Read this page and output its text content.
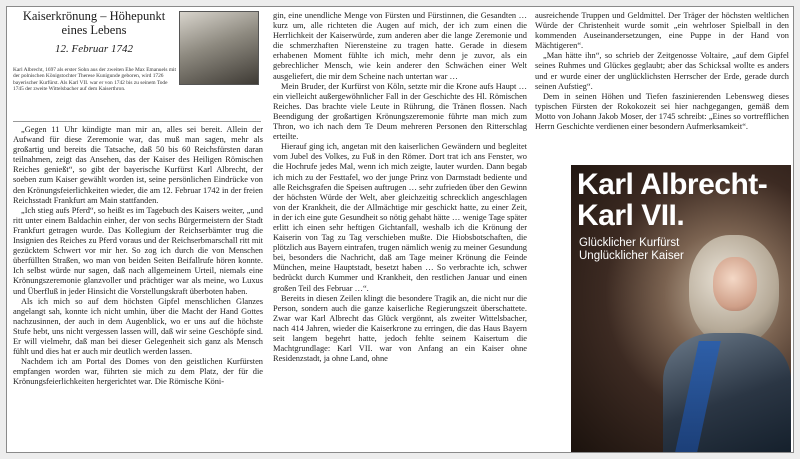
Kaiserkrönung – Höhepunkt
eines Lebens
12. Februar 1742
Karl Albrecht, 1697 als erster Sohn aus der zweiten Ehe Max Emanuels mit der polnischen Königstochter Therese Kunigunde geboren, wird 1726 bayerischer Kurfürst. Als Karl VII. war er von 1742 bis zu seinem Tode 1745 der zweite Wittelsbacher auf dem Kaiserthron.

„Gegen 11 Uhr kündigte man mir an, alles sei bereit. Allein der Aufwand für diese Zeremonie war, das muß man sagen, mehr als großartig und bereits die Tatsache, daß 50 bis 60 Reichsfürsten daran teilnahmen, zeigt das Ansehen, das der Kaiser des Heiligen Römischen Reiches genießt“, so gibt der bayerische Kurfürst Karl Albrecht, der soeben zum Kaiser gewählt worden ist, seine persönlichen Eindrücke von den Krönungsfeierlichkeiten wieder, die am 12. Februar 1742 in der freien Reichsstadt Frankfurt am Main stattfanden.

„Ich stieg aufs Pferd“, so heißt es im Tagebuch des Kaisers weiter, „und ritt unter einem Baldachin einher, der von sechs Bürgermeistern der Stadt Frankfurt getragen wurde. Das Kollegium der Reichserbämter trug die Insignien des Reiches zu Pferd voraus und der Reichserbmarschall ritt mit gezücktem Schwert vor mir her. So zog ich durch die von Menschen überfüllten Straßen, wo man von beiden Seiten Beifallrufe hören konnte. Ich selbst würde nur sagen, daß nach allgemeinem Urteil, niemals eine Krönungszeremonie glanzvoller und prächtiger war als meine, wo Luxus und Überfluß in jeder Hinsicht die Vorstellungskraft überboten haben.

Als ich mich so auf dem höchsten Gipfel menschlichen Glanzes angelangt sah, konnte ich nicht umhin, über die Macht der Hand Gottes nachzusinnen, der auch in dem Augenblick, wo er uns auf die höchste Stufe hebt, uns nicht vergessen lassen will, daß wir seine Geschöpfe sind. Er will vielmehr, daß man bei dieser Gelegenheit sich ganz als Mensch fühlt und dies hat er auch mir deutlich werden lassen.

Nachdem ich am Portal des Domes von den geistlichen Kurfürsten empfangen worden war, führten sie mich zu dem Platz, der für die Krönungsfeierlichkeiten hergerichtet war. Die Römische Köni-

gin, eine unendliche Menge von Fürsten und Fürstinnen, die Gesandten … kurz um, alle richteten die Augen auf mich, der ich zum einen die Herrlichkeit der Kaiserwürde, zum anderen aber die lange Zeremonie und die schmerzhaften Nierensteine zu tragen hatte. Gerade in diesem erhabenen Moment fühlte ich mich, mehr denn je zuvor, als ein gebrechlicher Mensch, wie kein anderer den Schwächen einer Welt ausgeliefert, die mir dem Scheine nach untertan war …

Mein Bruder, der Kurfürst von Köln, setzte mir die Krone aufs Haupt … ein vielleicht außergewöhnlicher Fall in der Geschichte des Hl. Römischen Reiches. Das brachte viele Leute in Rührung, die Tränen flossen. Nach Beendigung der großartigen Krönungszeremonie führte man mich zum Thron, wo ich nach dem Te Deum mehreren Personen den Ritterschlag erteilte.

Hierauf ging ich, angetan mit den kaiserlichen Gewändern und begleitet vom Jubel des Volkes, zu Fuß in den Römer. Dort trat ich ans Fenster, wo die Hochrufe jedes Mal, wenn ich mich zeigte, lauter wurden. Dann begab ich mich zu der Festtafel, wo der junge Prinz von Darmstadt bediente und alle Reichsgrafen die Speisen auftrugen … sehr zufrieden über den Gewinn der höchsten Würde der Welt, aber gleichzeitig schrecklich angeschlagen von der Krankheit, die der Allmächtige mir geschickt hatte, zu einer Zeit, in der ich eine gute Gesundheit so nötig gehabt hätte … wenige Tage später erlitt ich einen sehr heftigen Gichtanfall, weshalb ich die Krönung der Kaiserin von Tag zu Tag verschieben mußte. Die Hiobsbotschaften, die plötzlich aus Bayern eintrafen, trugen nämlich wenig zu meiner Gesundung bei, besonders die Nachricht, daß am Tage meiner Krönung die Feinde München, meine Hauptstadt, besetzt haben … So verbrachte ich, schwer bedrückt durch Kummer und Krankheit, den restlichen Januar und einen großen Teil des Februar …“.

Bereits in diesen Zeilen klingt die besondere Tragik an, die nicht nur die Person, sondern auch die ganze kaiserliche Regierungszeit überschattete. Zwar war Karl Albrecht das Glück vergönnt, als zweiter Wittelsbacher, nach 414 Jahren, wieder die Kaiserkrone zu erringen, die das Haus Bayern seit langem begehrt hatte, jedoch fehlte seinem Kaisertum die Machtgrundlage: Karl VII. war von Anfang an ein Kaiser ohne Residenzstadt, ja ohne Land, ohne

ausreichende Truppen und Geldmittel. Der Träger der höchsten weltlichen Würde der Christenheit wurde somit „ein wehrloser Spielball in den kommenden Auseinandersetzungen, eine Puppe in der Hand von Mächtigeren“.

„Man hätte ihn“, so schrieb der Zeitgenosse Voltaire, „auf dem Gipfel seines Ruhmes und Glückes geglaubt; aber das Schicksal wollte es anders und er wurde einer der unglücklichsten Herrscher der Erde, gerade durch seinen Aufstieg“.

Dem in seinen Höhen und Tiefen faszinierenden Lebensweg dieses typischen Fürsten der Rokokozeit sei hier nachgegangen, gemäß dem Motto von Johann Jakob Moser, der 1745 schreibt: „Eines so vortrefflichen Herrn Geschichte verdienen einer besondern Aufmerksamkeit“.

Karl Albrecht-
Karl VII.
Glücklicher Kurfürst
Unglücklicher Kaiser
